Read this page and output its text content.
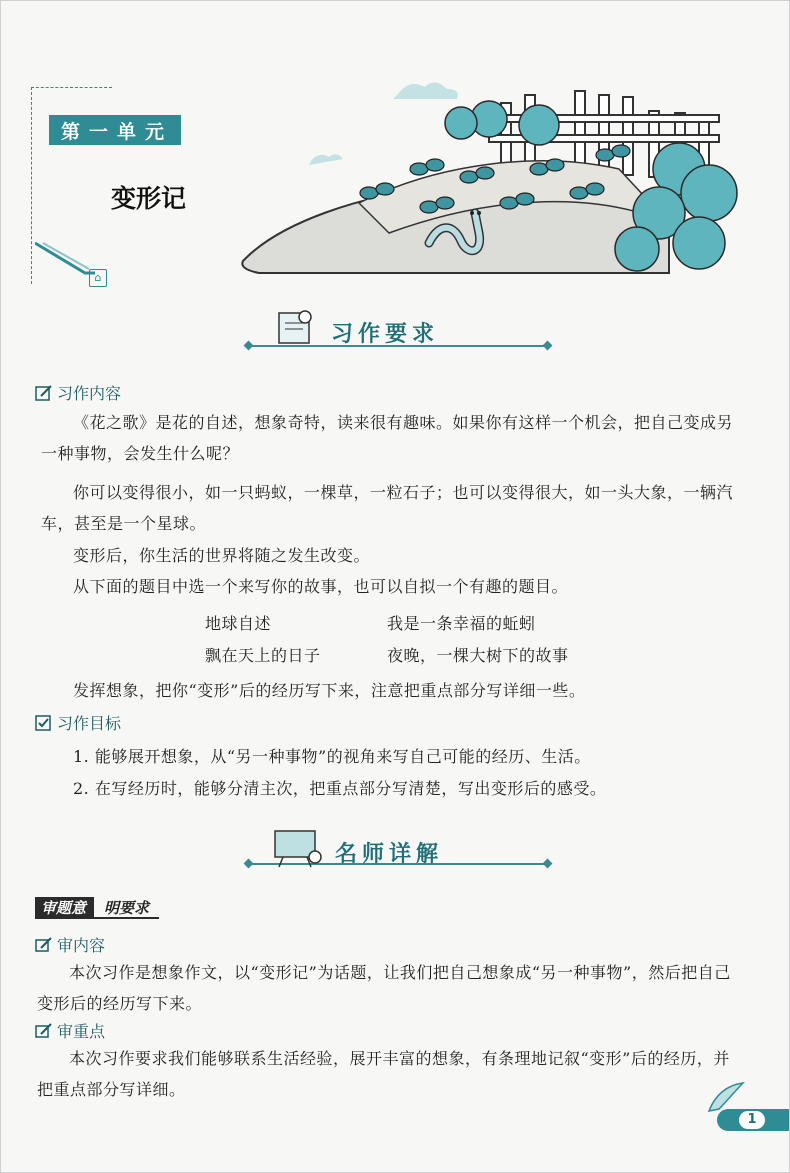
第一单元
变形记
⌂
习作要求
习作内容

《花之歌》是花的自述，想象奇特，读来很有趣味。如果你有这样一个机会，把自己变成另一种事物，会发生什么呢？

你可以变得很小，如一只蚂蚁，一棵草，一粒石子；也可以变得很大，如一头大象，一辆汽车，甚至是一个星球。

变形后，你生活的世界将随之发生改变。

从下面的题目中选一个来写你的故事，也可以自拟一个有趣的题目。

地球自述	我是一条幸福的蚯蚓
飘在天上的日子	夜晚，一棵大树下的故事

发挥想象，把你“变形”后的经历写下来，注意把重点部分写详细一些。

习作目标
1. 能够展开想象，从“另一种事物”的视角来写自己可能的经历、生活。
2. 在写经历时，能够分清主次，把重点部分写清楚，写出变形后的感受。
名师详解
审题意	明要求
审内容

本次习作是想象作文，以“变形记”为话题，让我们把自己想象成“另一种事物”，然后把自己变形后的经历写下来。

审重点

本次习作要求我们能够联系生活经验，展开丰富的想象，有条理地记叙“变形”后的经历，并把重点部分写详细。

1
